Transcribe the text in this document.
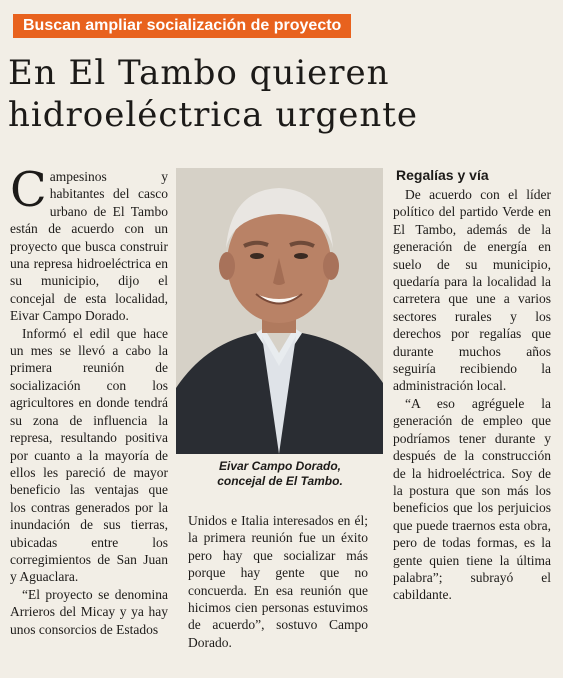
Buscan ampliar socialización de proyecto
En El Tambo quieren
hidroeléctrica urgente

Campesinos y habitantes del casco urbano de El Tambo están de acuerdo con un proyecto que busca construir una represa hidroeléctrica en su municipio, dijo el concejal de esta localidad, Eivar Campo Dorado.

Informó el edil que hace un mes se llevó a cabo la primera reunión de socialización con los agricultores en donde tendrá su zona de influencia la represa, resultando positiva por cuanto a la mayoría de ellos les pareció de mayor beneficio las ventajas que los contras generados por la inundación de sus tierras, ubicadas entre los corregimientos de San Juan y Aguaclara.

“El proyecto se denomina Arrieros del Micay y ya hay unos consorcios de Estados

Eivar Campo Dorado,
concejal de El Tambo.

Unidos e Italia interesados en él; la primera reunión fue un éxito pero hay que socializar más porque hay gente que no concuerda. En esa reunión que hicimos cien personas estuvimos de acuerdo”, sostuvo Campo Dorado.

Regalías y vía

De acuerdo con el líder político del partido Verde en El Tambo, además de la generación de energía en suelo de su municipio, quedaría para la localidad la carretera que une a varios sectores rurales y los derechos por regalías que durante muchos años seguiría recibiendo la administración local.

“A eso agréguele la generación de empleo que podríamos tener durante y después de la construcción de la hidroeléctrica. Soy de la postura que son más los beneficios que los perjuicios que puede traernos esta obra, pero de todas formas, es la gente quien tiene la última palabra”; subrayó el cabildante.
